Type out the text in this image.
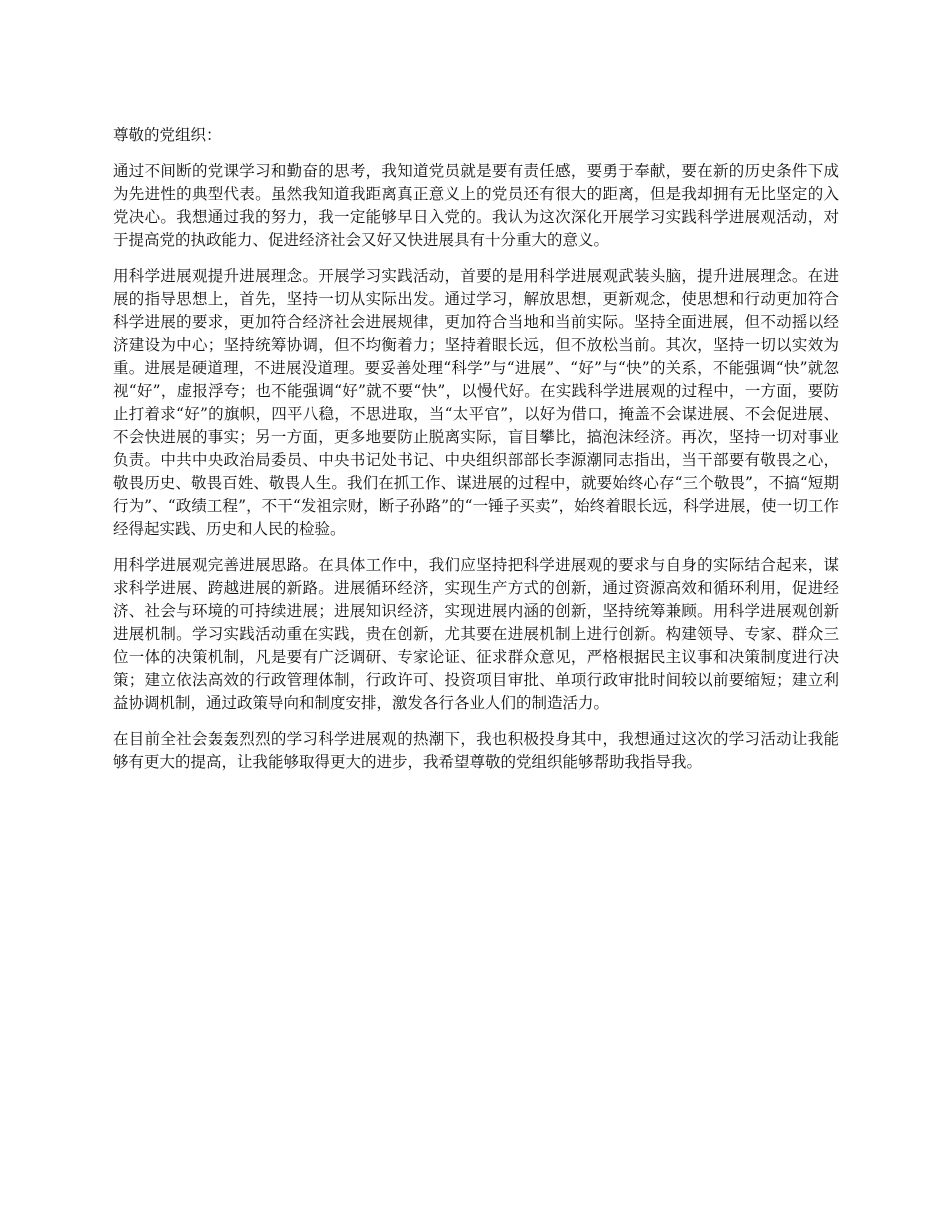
尊敬的党组织：

通过不间断的党课学习和勤奋的思考，我知道党员就是要有责任感，要勇于奉献，要在新的历史条件下成为先进性的典型代表。虽然我知道我距离真正意义上的党员还有很大的距离，但是我却拥有无比坚定的入党决心。我想通过我的努力，我一定能够早日入党的。我认为这次深化开展学习实践科学进展观活动，对于提高党的执政能力、促进经济社会又好又快进展具有十分重大的意义。

用科学进展观提升进展理念。开展学习实践活动，首要的是用科学进展观武装头脑，提升进展理念。在进展的指导思想上，首先，坚持一切从实际出发。通过学习，解放思想，更新观念，使思想和行动更加符合科学进展的要求，更加符合经济社会进展规律，更加符合当地和当前实际。坚持全面进展，但不动摇以经济建设为中心；坚持统筹协调，但不均衡着力；坚持着眼长远，但不放松当前。其次，坚持一切以实效为重。进展是硬道理，不进展没道理。要妥善处理“科学”与“进展”、“好”与“快”的关系，不能强调“快”就忽视“好”，虚报浮夸；也不能强调“好”就不要“快”，以慢代好。在实践科学进展观的过程中，一方面，要防止打着求“好”的旗帜，四平八稳，不思进取，当“太平官”，以好为借口，掩盖不会谋进展、不会促进展、不会快进展的事实；另一方面，更多地要防止脱离实际，盲目攀比，搞泡沫经济。再次，坚持一切对事业负责。中共中央政治局委员、中央书记处书记、中央组织部部长李源潮同志指出，当干部要有敬畏之心，敬畏历史、敬畏百姓、敬畏人生。我们在抓工作、谋进展的过程中，就要始终心存“三个敬畏”，不搞“短期行为”、“政绩工程”，不干“发祖宗财，断子孙路”的“一锤子买卖”，始终着眼长远，科学进展，使一切工作经得起实践、历史和人民的检验。

用科学进展观完善进展思路。在具体工作中，我们应坚持把科学进展观的要求与自身的实际结合起来，谋求科学进展、跨越进展的新路。进展循环经济，实现生产方式的创新，通过资源高效和循环利用，促进经济、社会与环境的可持续进展；进展知识经济，实现进展内涵的创新，坚持统筹兼顾。用科学进展观创新进展机制。学习实践活动重在实践，贵在创新，尤其要在进展机制上进行创新。构建领导、专家、群众三位一体的决策机制，凡是要有广泛调研、专家论证、征求群众意见，严格根据民主议事和决策制度进行决策；建立依法高效的行政管理体制，行政许可、投资项目审批、单项行政审批时间较以前要缩短；建立利益协调机制，通过政策导向和制度安排，激发各行各业人们的制造活力。

在目前全社会轰轰烈烈的学习科学进展观的热潮下，我也积极投身其中，我想通过这次的学习活动让我能够有更大的提高，让我能够取得更大的进步，我希望尊敬的党组织能够帮助我指导我。
